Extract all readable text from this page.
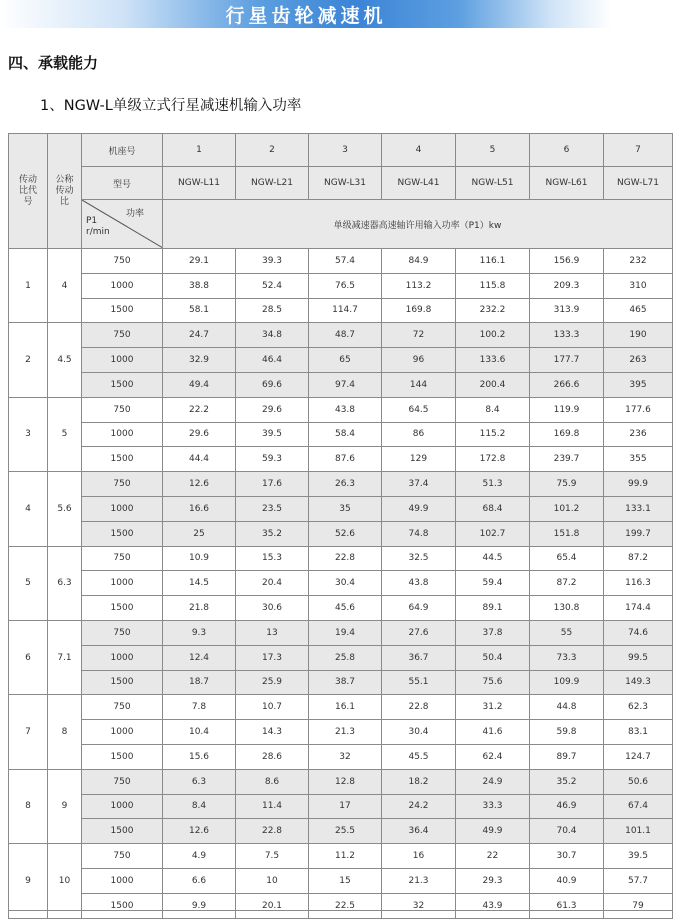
行星齿轮减速机
四、承载能力
1、NGW-L单级立式行星减速机输入功率
传动比代号	公称传动比	机座号	1	2	3	4	5	6	7
		型号	NGW-L11	NGW-L21	NGW-L31	NGW-L41	NGW-L51	NGW-L61	NGW-L71

		功率
P1
r/min	单级减速器高速轴许用输入功率（P1）kw						
1	4	750	29.1	39.3	57.4	84.9	116.1	156.9	232
		1000	38.8	52.4	76.5	113.2	115.8	209.3	310
		1500	58.1	28.5	114.7	169.8	232.2	313.9	465
2	4.5	750	24.7	34.8	48.7	72	100.2	133.3	190
		1000	32.9	46.4	65	96	133.6	177.7	263
		1500	49.4	69.6	97.4	144	200.4	266.6	395
3	5	750	22.2	29.6	43.8	64.5	8.4	119.9	177.6
		1000	29.6	39.5	58.4	86	115.2	169.8	236
		1500	44.4	59.3	87.6	129	172.8	239.7	355
4	5.6	750	12.6	17.6	26.3	37.4	51.3	75.9	99.9
		1000	16.6	23.5	35	49.9	68.4	101.2	133.1
		1500	25	35.2	52.6	74.8	102.7	151.8	199.7
5	6.3	750	10.9	15.3	22.8	32.5	44.5	65.4	87.2
		1000	14.5	20.4	30.4	43.8	59.4	87.2	116.3
		1500	21.8	30.6	45.6	64.9	89.1	130.8	174.4
6	7.1	750	9.3	13	19.4	27.6	37.8	55	74.6
		1000	12.4	17.3	25.8	36.7	50.4	73.3	99.5
		1500	18.7	25.9	38.7	55.1	75.6	109.9	149.3
7	8	750	7.8	10.7	16.1	22.8	31.2	44.8	62.3
		1000	10.4	14.3	21.3	30.4	41.6	59.8	83.1
		1500	15.6	28.6	32	45.5	62.4	89.7	124.7
8	9	750	6.3	8.6	12.8	18.2	24.9	35.2	50.6
		1000	8.4	11.4	17	24.2	33.3	46.9	67.4
		1500	12.6	22.8	25.5	36.4	49.9	70.4	101.1
9	10	750	4.9	7.5	11.2	16	22	30.7	39.5
		1000	6.6	10	15	21.3	29.3	40.9	57.7
		1500	9.9	20.1	22.5	32	43.9	61.3	79
